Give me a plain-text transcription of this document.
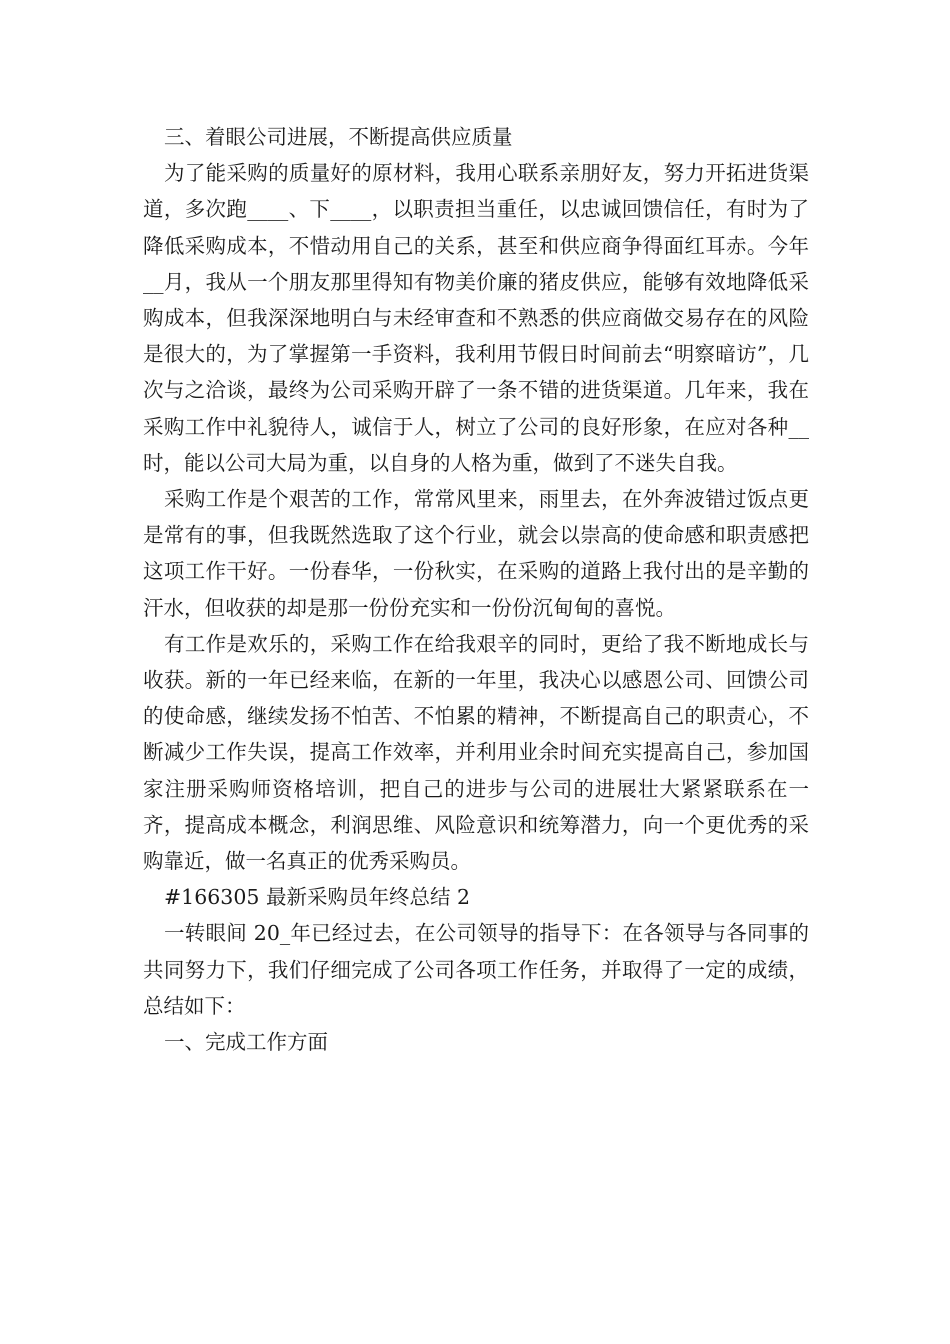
三、着眼公司进展，不断提高供应质量

为了能采购的质量好的原材料，我用心联系亲朋好友，努力开拓进货渠道，多次跑____、下____，以职责担当重任，以忠诚回馈信任，有时为了降低采购成本，不惜动用自己的关系，甚至和供应商争得面红耳赤。今年__月，我从一个朋友那里得知有物美价廉的猪皮供应，能够有效地降低采购成本，但我深深地明白与未经审查和不熟悉的供应商做交易存在的风险是很大的，为了掌握第一手资料，我利用节假日时间前去“明察暗访”，几次与之洽谈，最终为公司采购开辟了一条不错的进货渠道。几年来，我在采购工作中礼貌待人，诚信于人，树立了公司的良好形象，在应对各种__时，能以公司大局为重，以自身的人格为重，做到了不迷失自我。

采购工作是个艰苦的工作，常常风里来，雨里去，在外奔波错过饭点更是常有的事，但我既然选取了这个行业，就会以崇高的使命感和职责感把这项工作干好。一份春华，一份秋实，在采购的道路上我付出的是辛勤的汗水，但收获的却是那一份份充实和一份份沉甸甸的喜悦。

有工作是欢乐的，采购工作在给我艰辛的同时，更给了我不断地成长与收获。新的一年已经来临，在新的一年里，我决心以感恩公司、回馈公司的使命感，继续发扬不怕苦、不怕累的精神，不断提高自己的职责心，不断减少工作失误，提高工作效率，并利用业余时间充实提高自己，参加国家注册采购师资格培训，把自己的进步与公司的进展壮大紧紧联系在一齐，提高成本概念，利润思维、风险意识和统筹潜力，向一个更优秀的采购靠近，做一名真正的优秀采购员。

#166305 最新采购员年终总结 2

一转眼间 20_年已经过去，在公司领导的指导下：在各领导与各同事的共同努力下，我们仔细完成了公司各项工作任务，并取得了一定的成绩，总结如下：

一、完成工作方面
